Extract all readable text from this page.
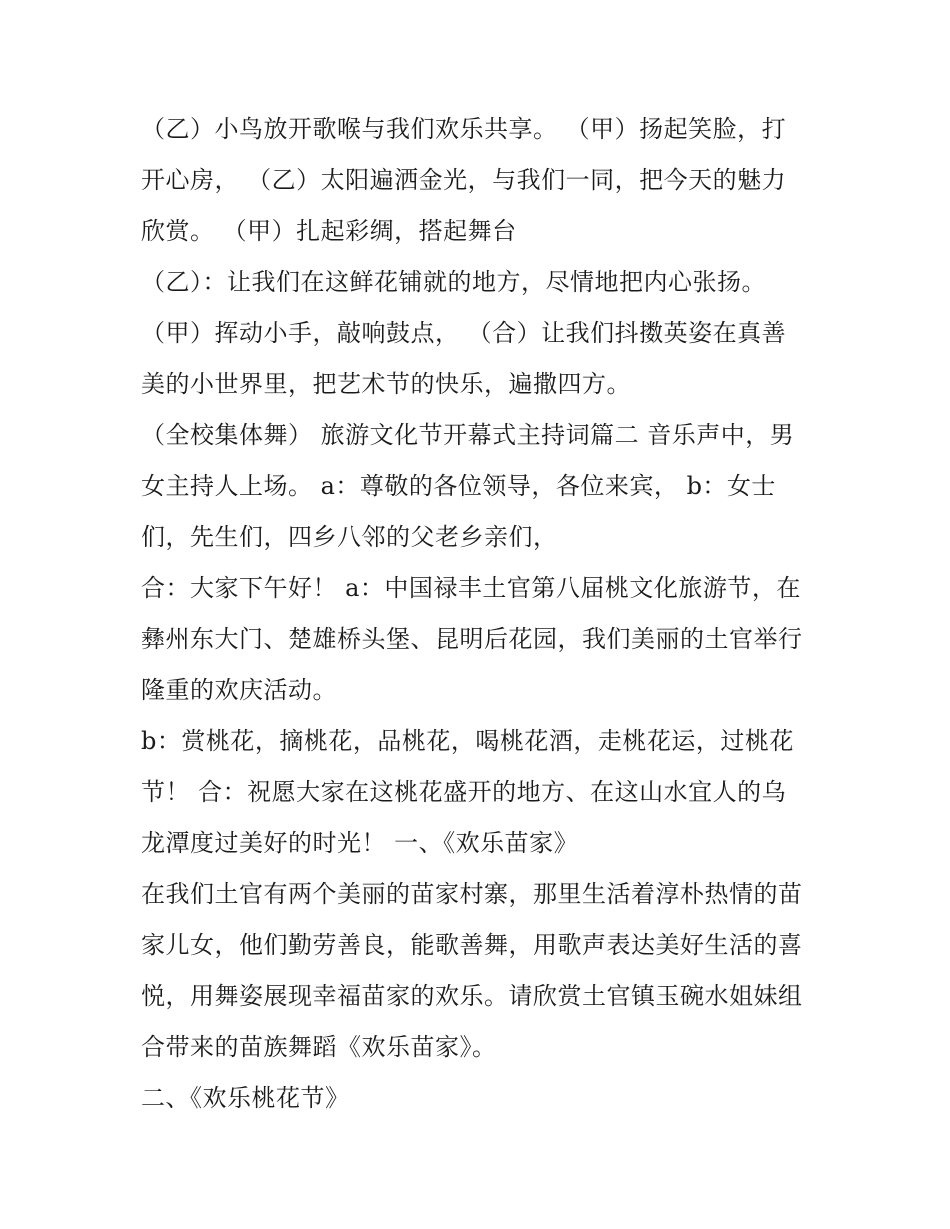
（乙）小鸟放开歌喉与我们欢乐共享。 （甲）扬起笑脸，打
开心房， （乙）太阳遍洒金光，与我们一同，把今天的魅力
欣赏。 （甲）扎起彩绸，搭起舞台
（乙）：让我们在这鲜花铺就的地方，尽情地把内心张扬。
（甲）挥动小手，敲响鼓点， （合）让我们抖擞英姿在真善
美的小世界里，把艺术节的快乐，遍撒四方。
（全校集体舞） 旅游文化节开幕式主持词篇二 音乐声中，男
女主持人上场。 a：尊敬的各位领导，各位来宾， b：女士
们，先生们，四乡八邻的父老乡亲们，
合：大家下午好！ a：中国禄丰土官第八届桃文化旅游节，在
彝州东大门、楚雄桥头堡、昆明后花园，我们美丽的土官举行
隆重的欢庆活动。
b：赏桃花，摘桃花，品桃花，喝桃花酒，走桃花运，过桃花
节！ 合：祝愿大家在这桃花盛开的地方、在这山水宜人的乌
龙潭度过美好的时光！ 一、《欢乐苗家》
在我们土官有两个美丽的苗家村寨，那里生活着淳朴热情的苗
家儿女，他们勤劳善良，能歌善舞，用歌声表达美好生活的喜
悦，用舞姿展现幸福苗家的欢乐。请欣赏土官镇玉碗水姐妹组
合带来的苗族舞蹈《欢乐苗家》。
二、《欢乐桃花节》
